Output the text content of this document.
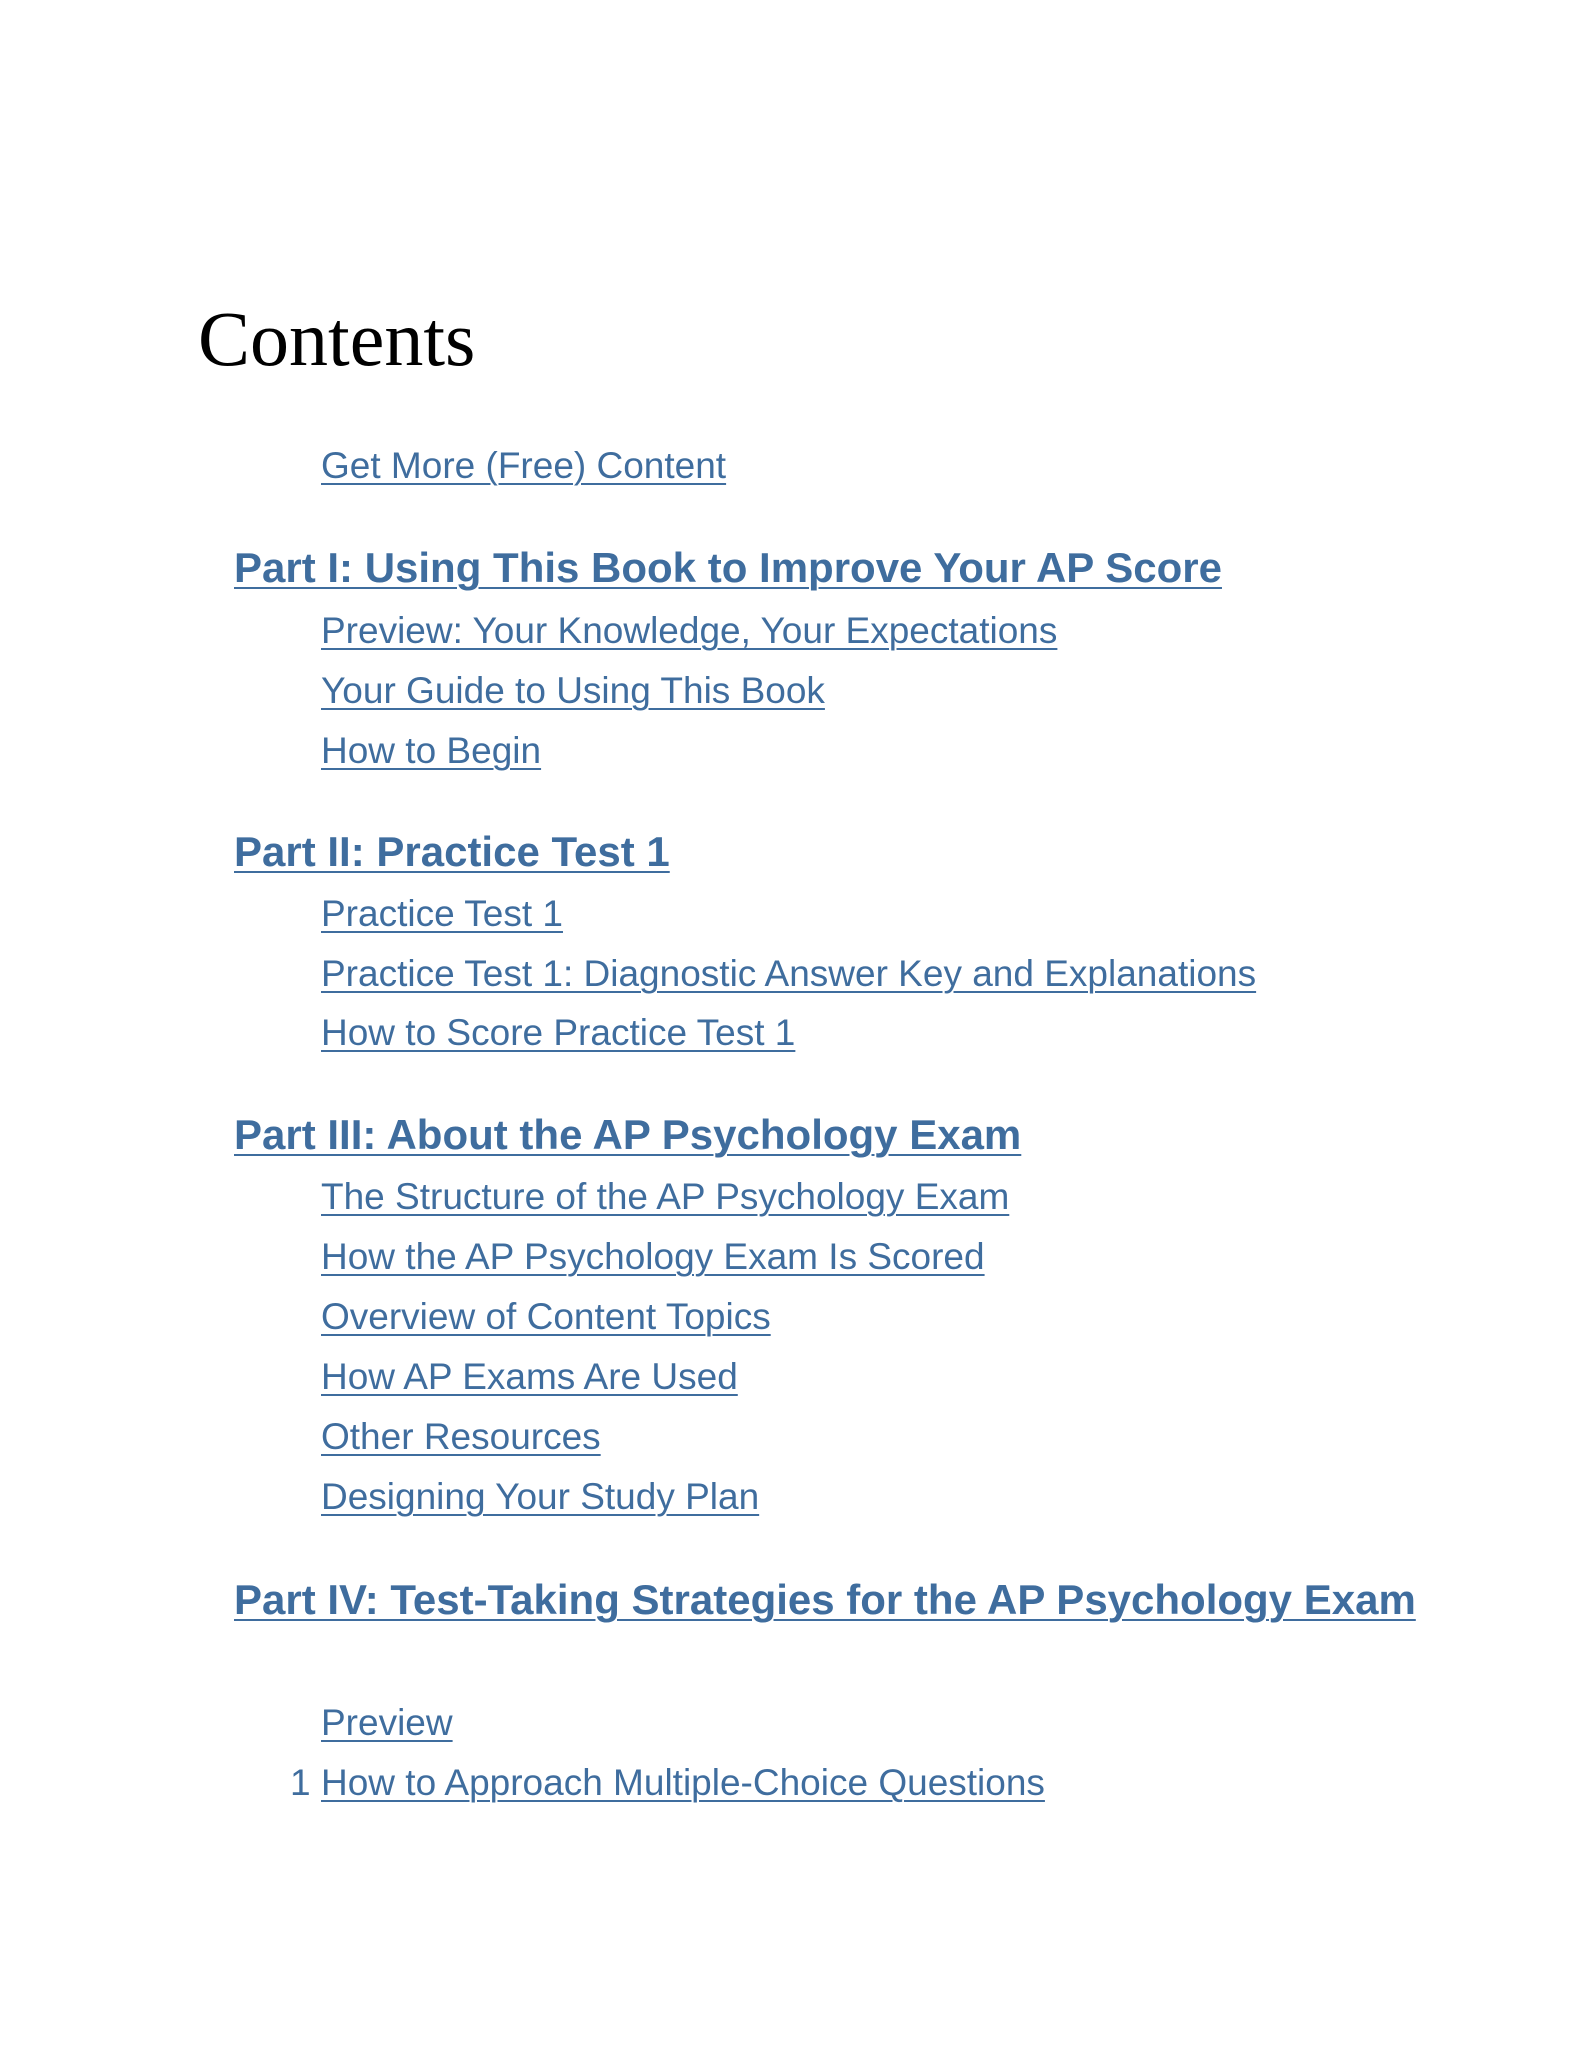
Contents

Get More (Free) Content

Part I: Using This Book to Improve Your AP Score

Preview: Your Knowledge, Your Expectations

Your Guide to Using This Book

How to Begin

Part II: Practice Test 1

Practice Test 1

Practice Test 1: Diagnostic Answer Key and Explanations

How to Score Practice Test 1

Part III: About the AP Psychology Exam

The Structure of the AP Psychology Exam

How the AP Psychology Exam Is Scored

Overview of Content Topics

How AP Exams Are Used

Other Resources

Designing Your Study Plan

Part IV: Test-Taking Strategies for the AP Psychology Exam

Preview

1 How to Approach Multiple-Choice Questions
